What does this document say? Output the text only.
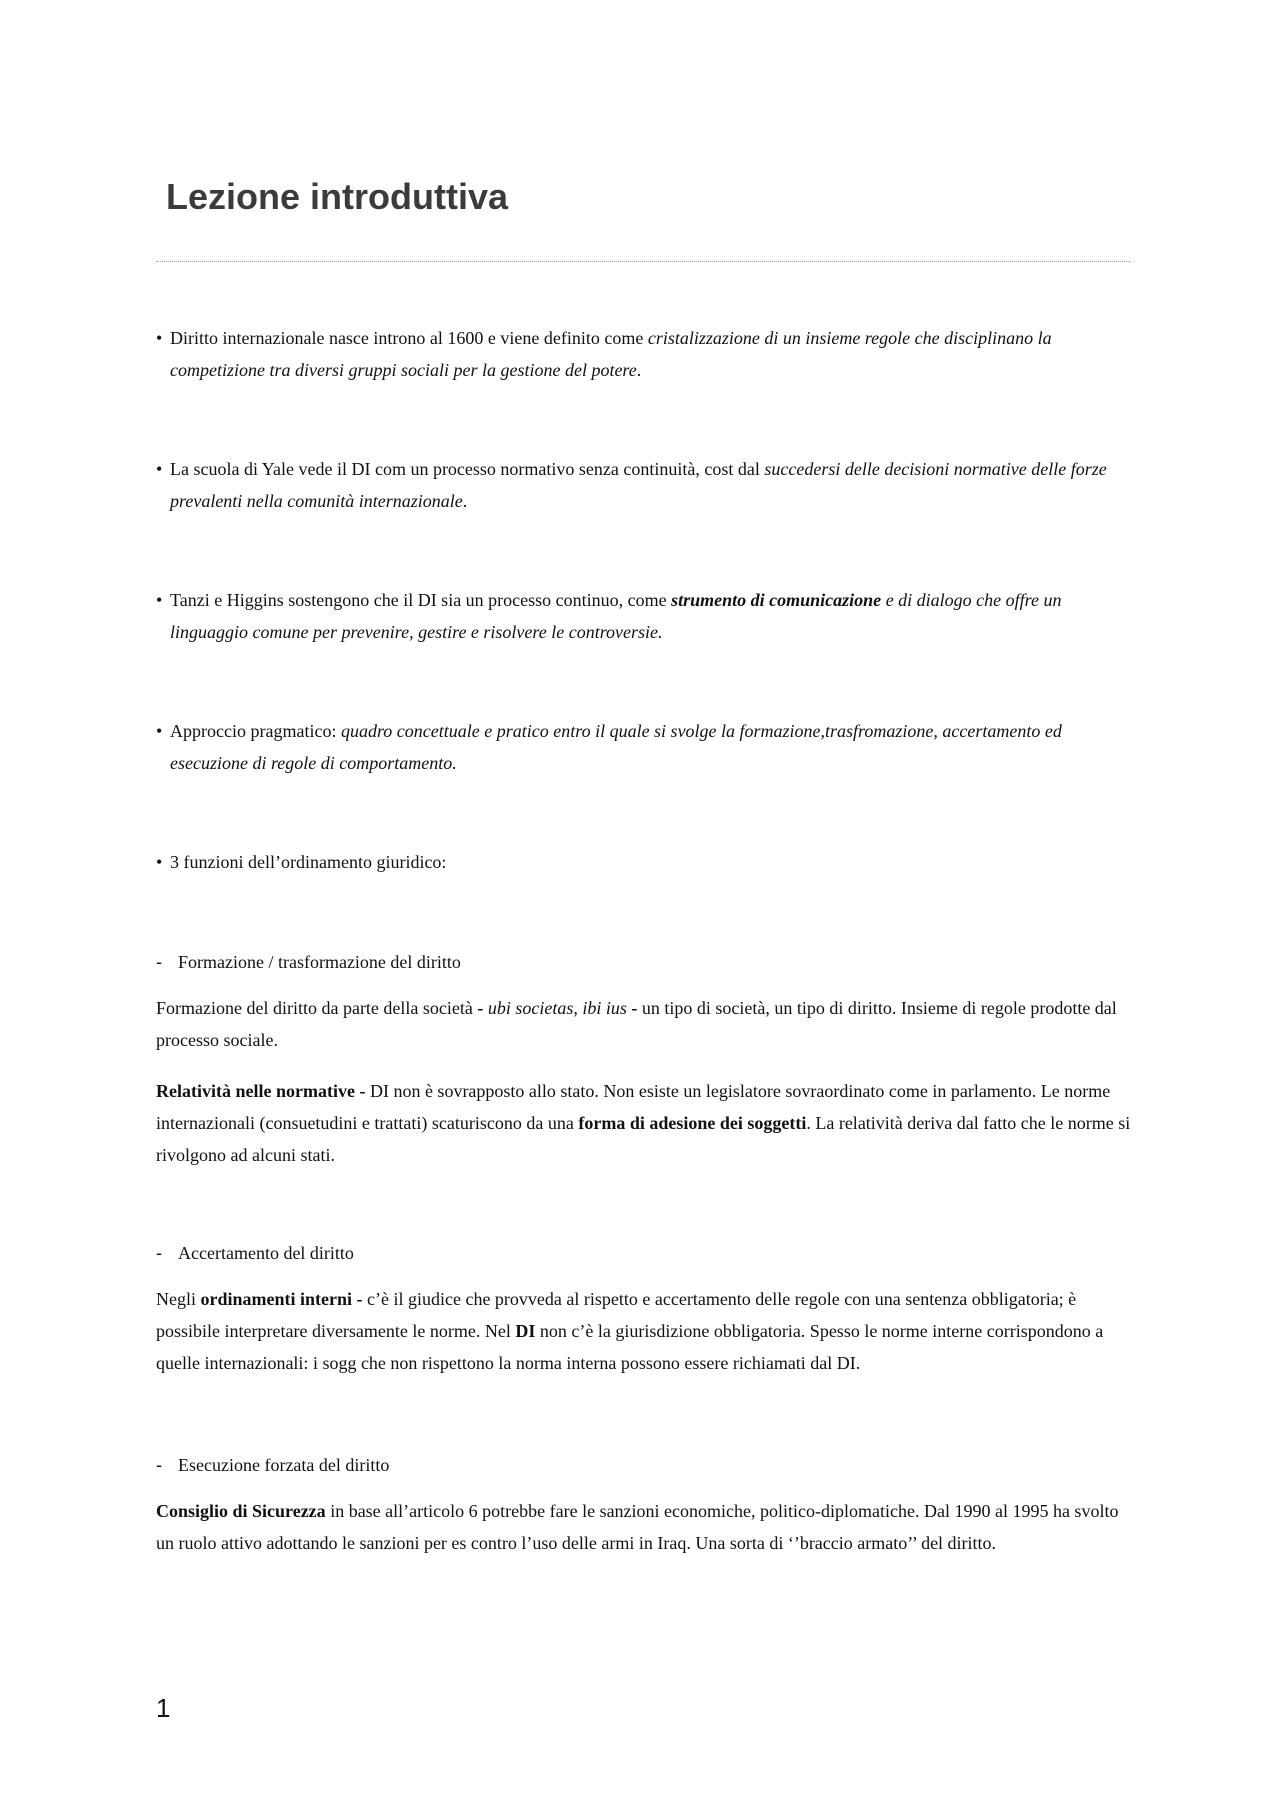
Lezione introduttiva
• Diritto internazionale nasce introno al 1600 e viene definito come cristalizzazione di un insieme regole che disciplinano la competizione tra diversi gruppi sociali per la gestione del potere.
• La scuola di Yale vede il DI com un processo normativo senza continuità, cost dal succedersi delle decisioni normative delle forze prevalenti nella comunità internazionale.
• Tanzi e Higgins sostengono che il DI sia un processo continuo, come strumento di comunicazione e di dialogo che offre un linguaggio comune per prevenire, gestire e risolvere le controversie.
• Approccio pragmatico: quadro concettuale e pratico entro il quale si svolge la formazione,trasfromazione, accertamento ed esecuzione di regole di comportamento.
• 3 funzioni dell’ordinamento giuridico:
- Formazione / trasformazione del diritto

Formazione del diritto da parte della società - ubi societas, ibi ius - un tipo di società, un tipo di diritto. Insieme di regole prodotte dal processo sociale.

Relatività nelle normative - DI non è sovrapposto allo stato. Non esiste un legislatore sovraordinato come in parlamento. Le norme internazionali (consuetudini e trattati) scaturiscono da una forma di adesione dei soggetti. La relatività deriva dal fatto che le norme si rivolgono ad alcuni stati.

- Accertamento del diritto

Negli ordinamenti interni - c’è il giudice che provveda al rispetto e accertamento delle regole con una sentenza obbligatoria; è possibile interpretare diversamente le norme. Nel DI non c’è la giurisdizione obbligatoria. Spesso le norme interne corrispondono a quelle internazionali: i sogg che non rispettono la norma interna possono essere richiamati dal DI.

- Esecuzione forzata del diritto

Consiglio di Sicurezza in base all’articolo 6 potrebbe fare le sanzioni economiche, politico-diplomatiche. Dal 1990 al 1995 ha svolto un ruolo attivo adottando le sanzioni per es contro l’uso delle armi in Iraq. Una sorta di ‘’braccio armato’’ del diritto.

1
